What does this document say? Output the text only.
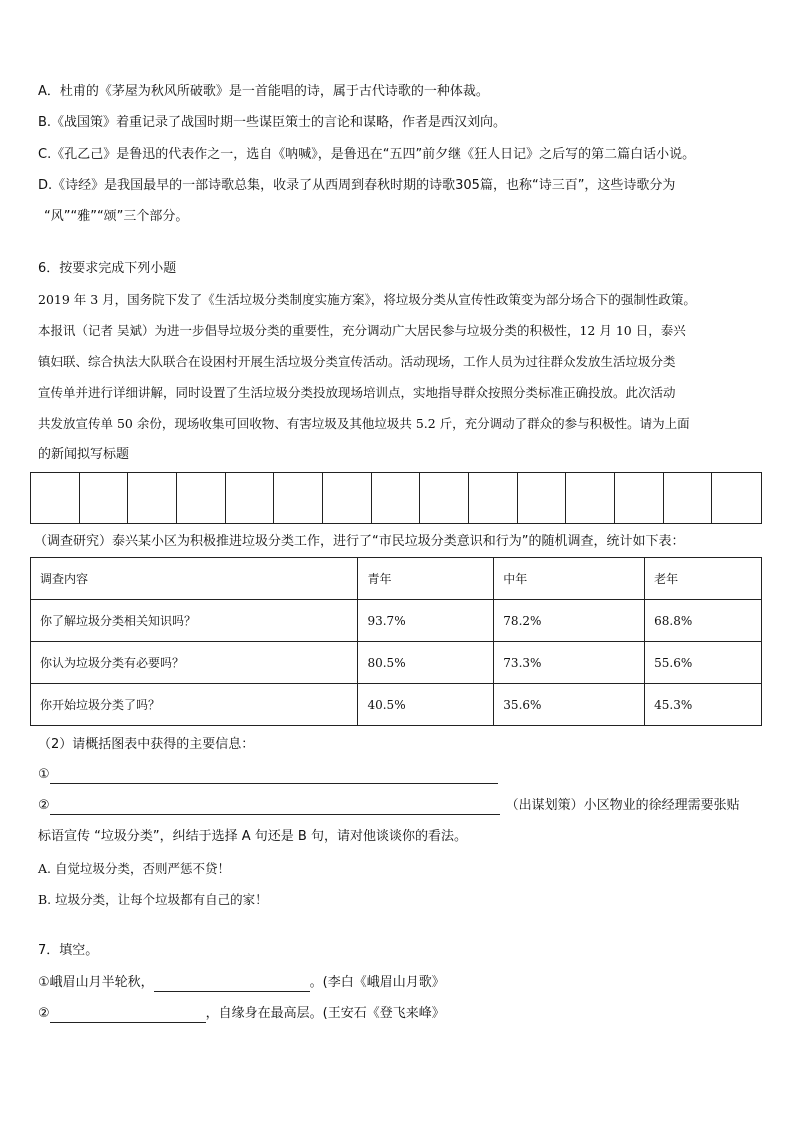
A．杜甫的《茅屋为秋风所破歌》是一首能唱的诗，属于古代诗歌的一种体裁。
B.《战国策》着重记录了战国时期一些谋臣策士的言论和谋略，作者是西汉刘向。
C.《孔乙己》是鲁迅的代表作之一，选自《呐喊》，是鲁迅在“五四”前夕继《狂人日记》之后写的第二篇白话小说。
D.《诗经》是我国最早的一部诗歌总集，收录了从西周到春秋时期的诗歌305篇，也称“诗三百”，这些诗歌分为
“风”“雅”“颂”三个部分。
6．按要求完成下列小题
2019 年 3 月，国务院下发了《生活垃圾分类制度实施方案》，将垃圾分类从宣传性政策变为部分场合下的强制性政策。
本报讯（记者 吴斌）为进一步倡导垃圾分类的重要性，充分调动广大居民参与垃圾分类的积极性，12 月 10 日，泰兴
镇妇联、综合执法大队联合在设困村开展生活垃圾分类宣传活动。活动现场，工作人员为过往群众发放生活垃圾分类
宣传单并进行详细讲解，同时设置了生活垃圾分类投放现场培训点，实地指导群众按照分类标准正确投放。此次活动
共发放宣传单 50 余份，现场收集可回收物、有害垃圾及其他垃圾共 5.2 斤，充分调动了群众的参与积极性。请为上面
的新闻拟写标题
（调查研究）泰兴某小区为积极推进垃圾分类工作，进行了“市民垃圾分类意识和行为”的随机调查，统计如下表：
调查内容	青年	中年	老年
你了解垃圾分类相关知识吗？	93.7%	78.2%	68.8%
你认为垃圾分类有必要吗？	80.5%	73.3%	55.6%
你开始垃圾分类了吗？	40.5%	35.6%	45.3%
（2）请概括图表中获得的主要信息：
①
②	（出谋划策）小区物业的徐经理需要张贴
标语宣传 “垃圾分类”，纠结于选择 A 句还是 B 句，请对他谈谈你的看法。
A. 自觉垃圾分类，否则严惩不贷！
B. 垃圾分类，让每个垃圾都有自己的家！
7．填空。
①峨眉山月半轮秋，	。(李白《峨眉山月歌》
②	，自缘身在最高层。(王安石《登飞来峰》
